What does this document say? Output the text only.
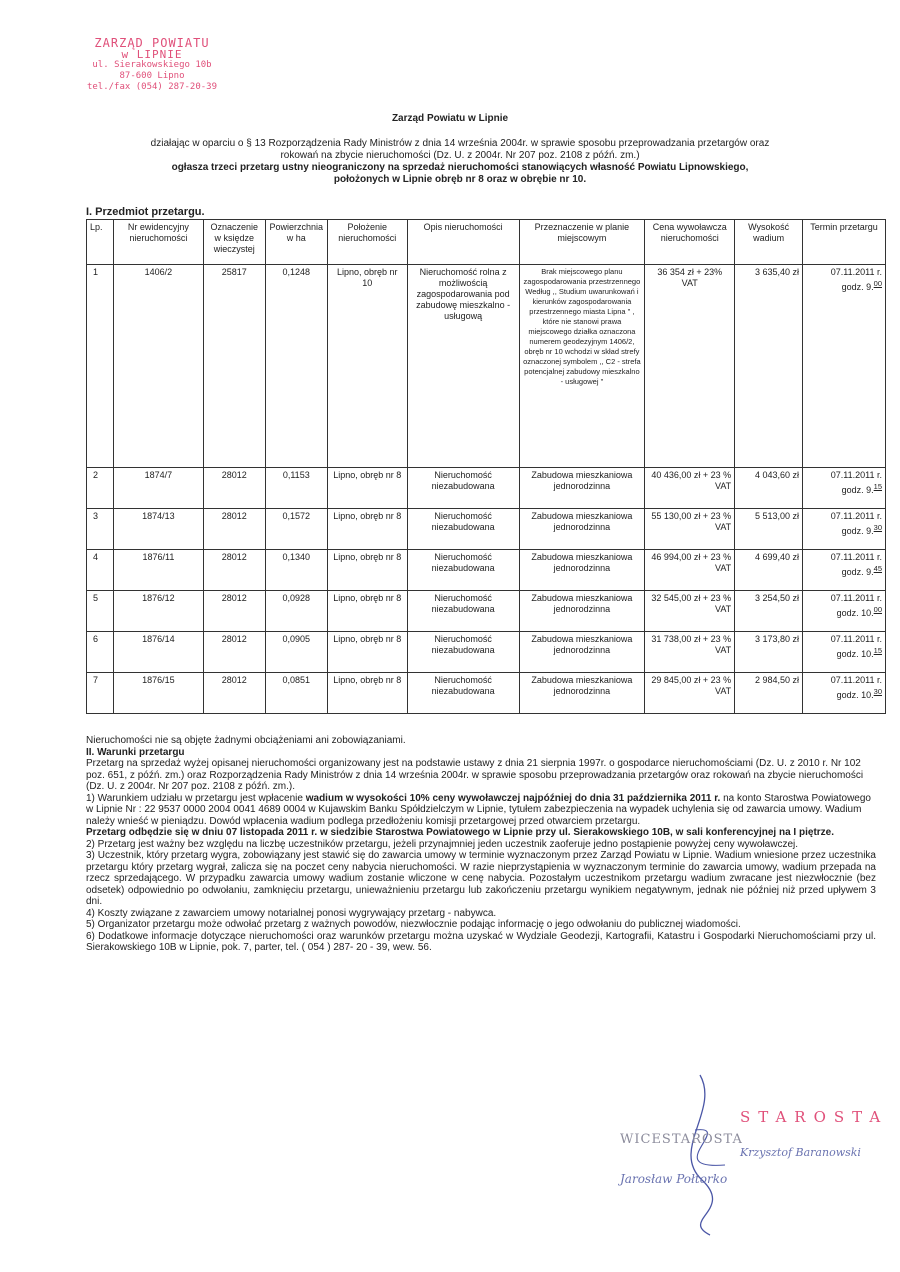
ZARZĄD POWIATU
w LIPNIE
ul. Sierakowskiego 10b
87-600 Lipno
tel./fax (054) 287-20-39
Zarząd Powiatu w Lipnie
działając w oparciu o § 13 Rozporządzenia Rady Ministrów z dnia 14 września 2004r. w sprawie sposobu przeprowadzania przetargów oraz
rokowań na zbycie nieruchomości (Dz. U. z 2004r. Nr 207 poz. 2108 z późń. zm.)
ogłasza trzeci przetarg ustny nieograniczony na sprzedaż nieruchomości stanowiących własność Powiatu Lipnowskiego,
położonych w Lipnie obręb nr 8 oraz w obrębie nr 10.
I. Przedmiot przetargu.
Lp.	Nr ewidencyjny nieruchomości	Oznaczenie w księdze wieczystej	Powierzchnia w ha	Położenie nieruchomości	Opis nieruchomości	Przeznaczenie w planie miejscowym	Cena wywoławcza nieruchomości	Wysokość wadium	Termin przetargu
1	1406/2	25817	0,1248	Lipno, obręb nr 10	Nieruchomość rolna z możliwością zagospodarowania pod zabudowę mieszkalno - usługową	Brak miejscowego planu zagospodarowania przestrzennego Według ,, Studium uwarunkowań i kierunków zagospodarowania przestrzennego miasta Lipna " , które nie stanowi prawa miejscowego działka oznaczona numerem geodezyjnym 1406/2, obręb nr 10 wchodzi w skład strefy oznaczonej symbolem ,, C2 - strefa potencjalnej zabudowy mieszkalno - usługowej "	36 354 zł + 23% VAT	3 635,40 zł	07.11.2011 r.
godz. 9.00
2	1874/7	28012	0,1153	Lipno, obręb nr 8	Nieruchomość niezabudowana	Zabudowa mieszkaniowa jednorodzinna	40 436,00 zł + 23 % VAT	4 043,60 zł	07.11.2011 r.
godz. 9.15
3	1874/13	28012	0,1572	Lipno, obręb nr 8	Nieruchomość niezabudowana	Zabudowa mieszkaniowa jednorodzinna	55 130,00 zł + 23 % VAT	5 513,00 zł	07.11.2011 r.
godz. 9.30
4	1876/11	28012	0,1340	Lipno, obręb nr 8	Nieruchomość niezabudowana	Zabudowa mieszkaniowa jednorodzinna	46 994,00 zł + 23 % VAT	4 699,40 zł	07.11.2011 r.
godz. 9.45
5	1876/12	28012	0,0928	Lipno, obręb nr 8	Nieruchomość niezabudowana	Zabudowa mieszkaniowa jednorodzinna	32 545,00 zł + 23 % VAT	3 254,50 zł	07.11.2011 r.
godz. 10.00
6	1876/14	28012	0,0905	Lipno, obręb nr 8	Nieruchomość niezabudowana	Zabudowa mieszkaniowa jednorodzinna	31 738,00 zł + 23 % VAT	3 173,80 zł	07.11.2011 r.
godz. 10.15
7	1876/15	28012	0,0851	Lipno, obręb nr 8	Nieruchomość niezabudowana	Zabudowa mieszkaniowa jednorodzinna	29 845,00 zł + 23 % VAT	2 984,50 zł	07.11.2011 r.
godz. 10.30

Nieruchomości nie są objęte żadnymi obciążeniami ani zobowiązaniami.

II. Warunki przetargu

Przetarg na sprzedaż wyżej opisanej nieruchomości organizowany jest na podstawie ustawy z dnia 21 sierpnia 1997r. o gospodarce nieruchomościami (Dz. U. z 2010 r. Nr 102 poz. 651, z późń. zm.) oraz Rozporządzenia Rady Ministrów z dnia 14 września 2004r. w sprawie sposobu przeprowadzania przetargów oraz rokowań na zbycie nieruchomości (Dz. U. z 2004r. Nr 207 poz. 2108 z późń. zm.).

1) Warunkiem udziału w przetargu jest wpłacenie wadium w wysokości 10% ceny wywoławczej najpóźniej do dnia 31 października 2011 r. na konto Starostwa Powiatowego w Lipnie Nr : 22 9537 0000 2004 0041 4689 0004 w Kujawskim Banku Spółdzielczym w Lipnie, tytułem zabezpieczenia na wypadek uchylenia się od zawarcia umowy. Wadium należy wnieść w pieniądzu. Dowód wpłacenia wadium podlega przedłożeniu komisji przetargowej przed otwarciem przetargu.

Przetarg odbędzie się w dniu 07 listopada 2011 r. w siedzibie Starostwa Powiatowego w Lipnie przy ul. Sierakowskiego 10B, w sali konferencyjnej na I piętrze.

2) Przetarg jest ważny bez względu na liczbę uczestników przetargu, jeżeli przynajmniej jeden uczestnik zaoferuje jedno postąpienie powyżej ceny wywoławczej.

3) Uczestnik, który przetarg wygra, zobowiązany jest stawić się do zawarcia umowy w terminie wyznaczonym przez Zarząd Powiatu w Lipnie. Wadium wniesione przez uczestnika przetargu który przetarg wygrał, zalicza się na poczet ceny nabycia nieruchomości. W razie nieprzystąpienia w wyznaczonym terminie do zawarcia umowy, wadium przepada na rzecz sprzedającego. W przypadku zawarcia umowy wadium zostanie wliczone w cenę nabycia. Pozostałym uczestnikom przetargu wadium zwracane jest niezwłocznie (bez odsetek) odpowiednio po odwołaniu, zamknięciu przetargu, unieważnieniu przetargu lub zakończeniu przetargu wynikiem negatywnym, jednak nie później niż przed upływem 3 dni.

4) Koszty związane z zawarciem umowy notarialnej ponosi wygrywający przetarg - nabywca.

5) Organizator przetargu może odwołać przetarg z ważnych powodów, niezwłocznie podając informację o jego odwołaniu do publicznej wiadomości.

6) Dodatkowe informacje dotyczące nieruchomości oraz warunków przetargu można uzyskać w Wydziale Geodezji, Kartografii, Katastru i Gospodarki Nieruchomościami przy ul. Sierakowskiego 10B w Lipnie, pok. 7, parter, tel. ( 054 ) 287- 20 - 39, wew. 56.

STAROSTA
Krzysztof Baranowski
WICESTAROSTA
Jarosław Połtorko
